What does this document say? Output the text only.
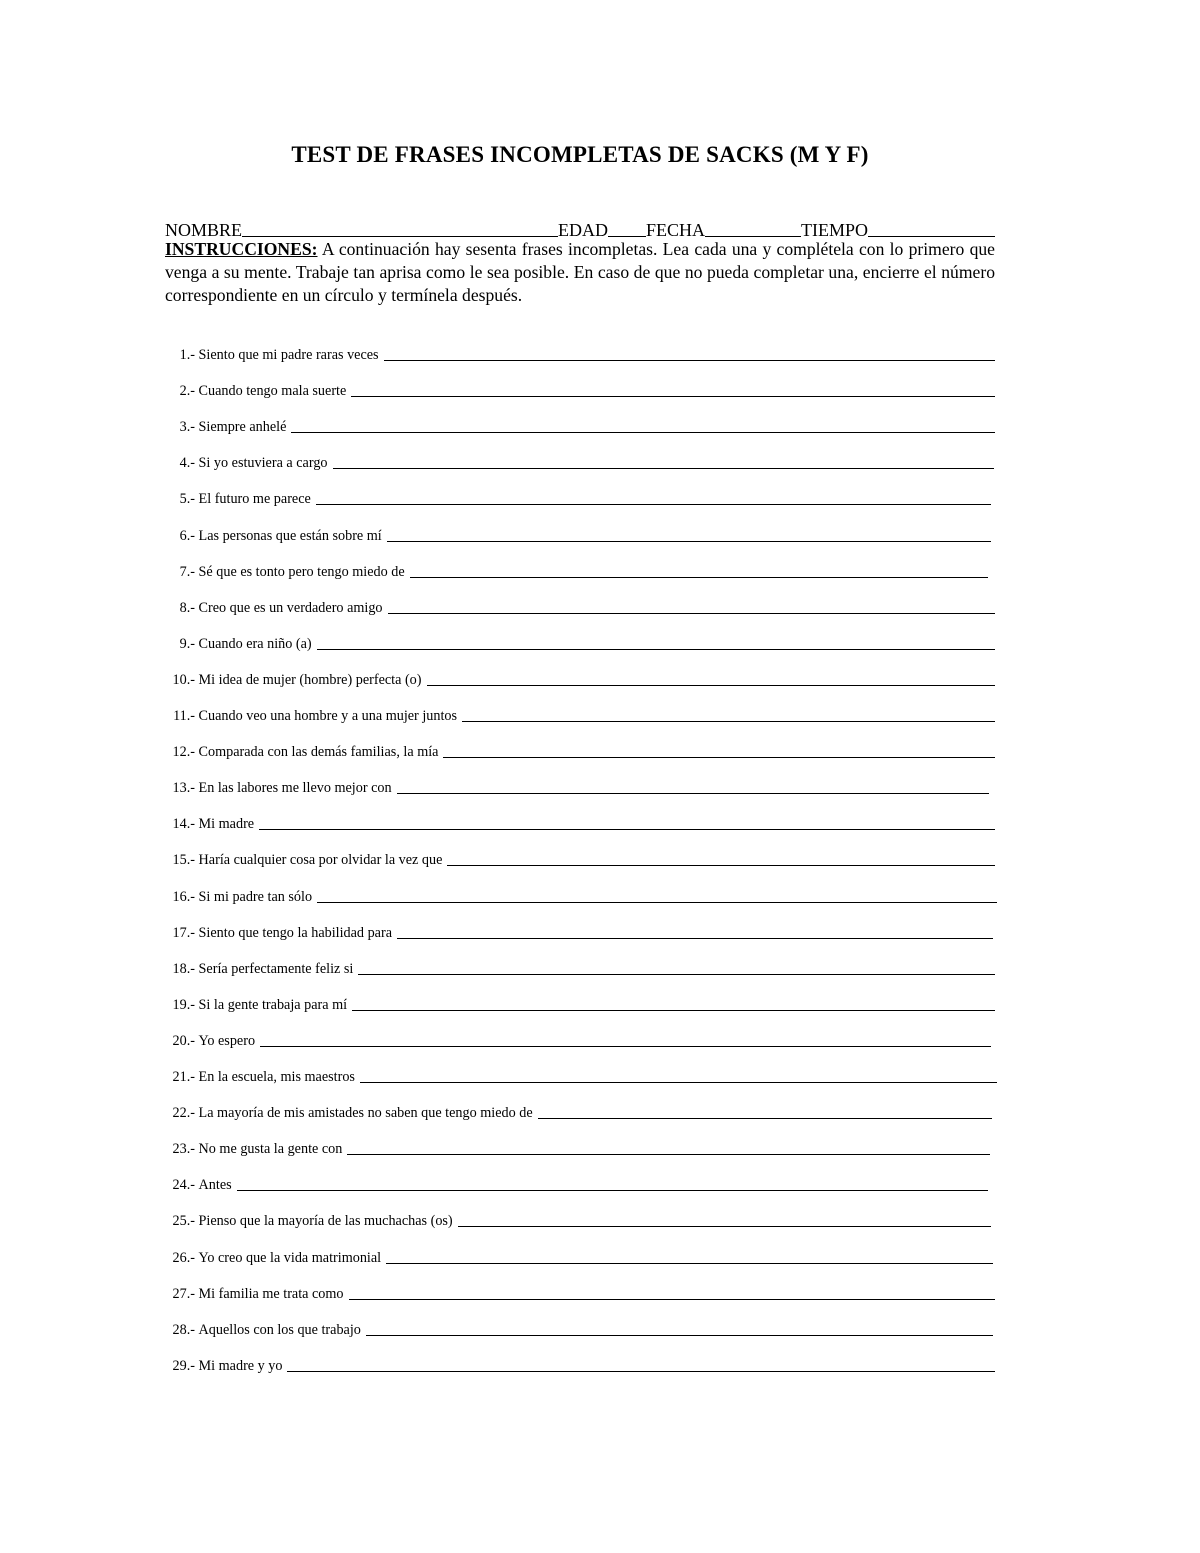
TEST DE FRASES INCOMPLETAS DE SACKS (M Y F)
NOMBRE	EDAD FECHA	TIEMPO
INSTRUCCIONES: A continuación hay sesenta frases incompletas. Lea cada una y complétela con lo primero que venga a su mente. Trabaje tan aprisa como le sea posible. En caso de que no pueda completar una, encierre el número correspondiente en un círculo y termínela después.
1.-
Siento que mi padre raras veces
2.-
Cuando tengo mala suerte
3.-
Siempre anhelé
4.-
Si yo estuviera a cargo
5.-
El futuro me parece
6.-
Las personas que están sobre mí
7.-
Sé que es tonto pero tengo miedo de
8.-
Creo que es un verdadero amigo
9.-
Cuando era niño (a)
10.-
Mi idea de mujer (hombre) perfecta (o)
11.-
Cuando veo una hombre y a una mujer juntos
12.-
Comparada con las demás familias, la mía
13.-
En las labores me llevo mejor con
14.-
Mi madre
15.-
Haría cualquier cosa por olvidar la vez que
16.-
Si mi padre tan sólo
17.-
Siento que tengo la habilidad para
18.-
Sería perfectamente feliz si
19.-
Si la gente trabaja para mí
20.-
Yo espero
21.-
En la escuela, mis maestros
22.-
La mayoría de mis amistades no saben que tengo miedo de
23.-
No me gusta la gente con
24.-
Antes
25.-
Pienso que la mayoría de las muchachas (os)
26.-
Yo creo que la vida matrimonial
27.-
Mi familia me trata como
28.-
Aquellos con los que trabajo
29.-
Mi madre y yo
